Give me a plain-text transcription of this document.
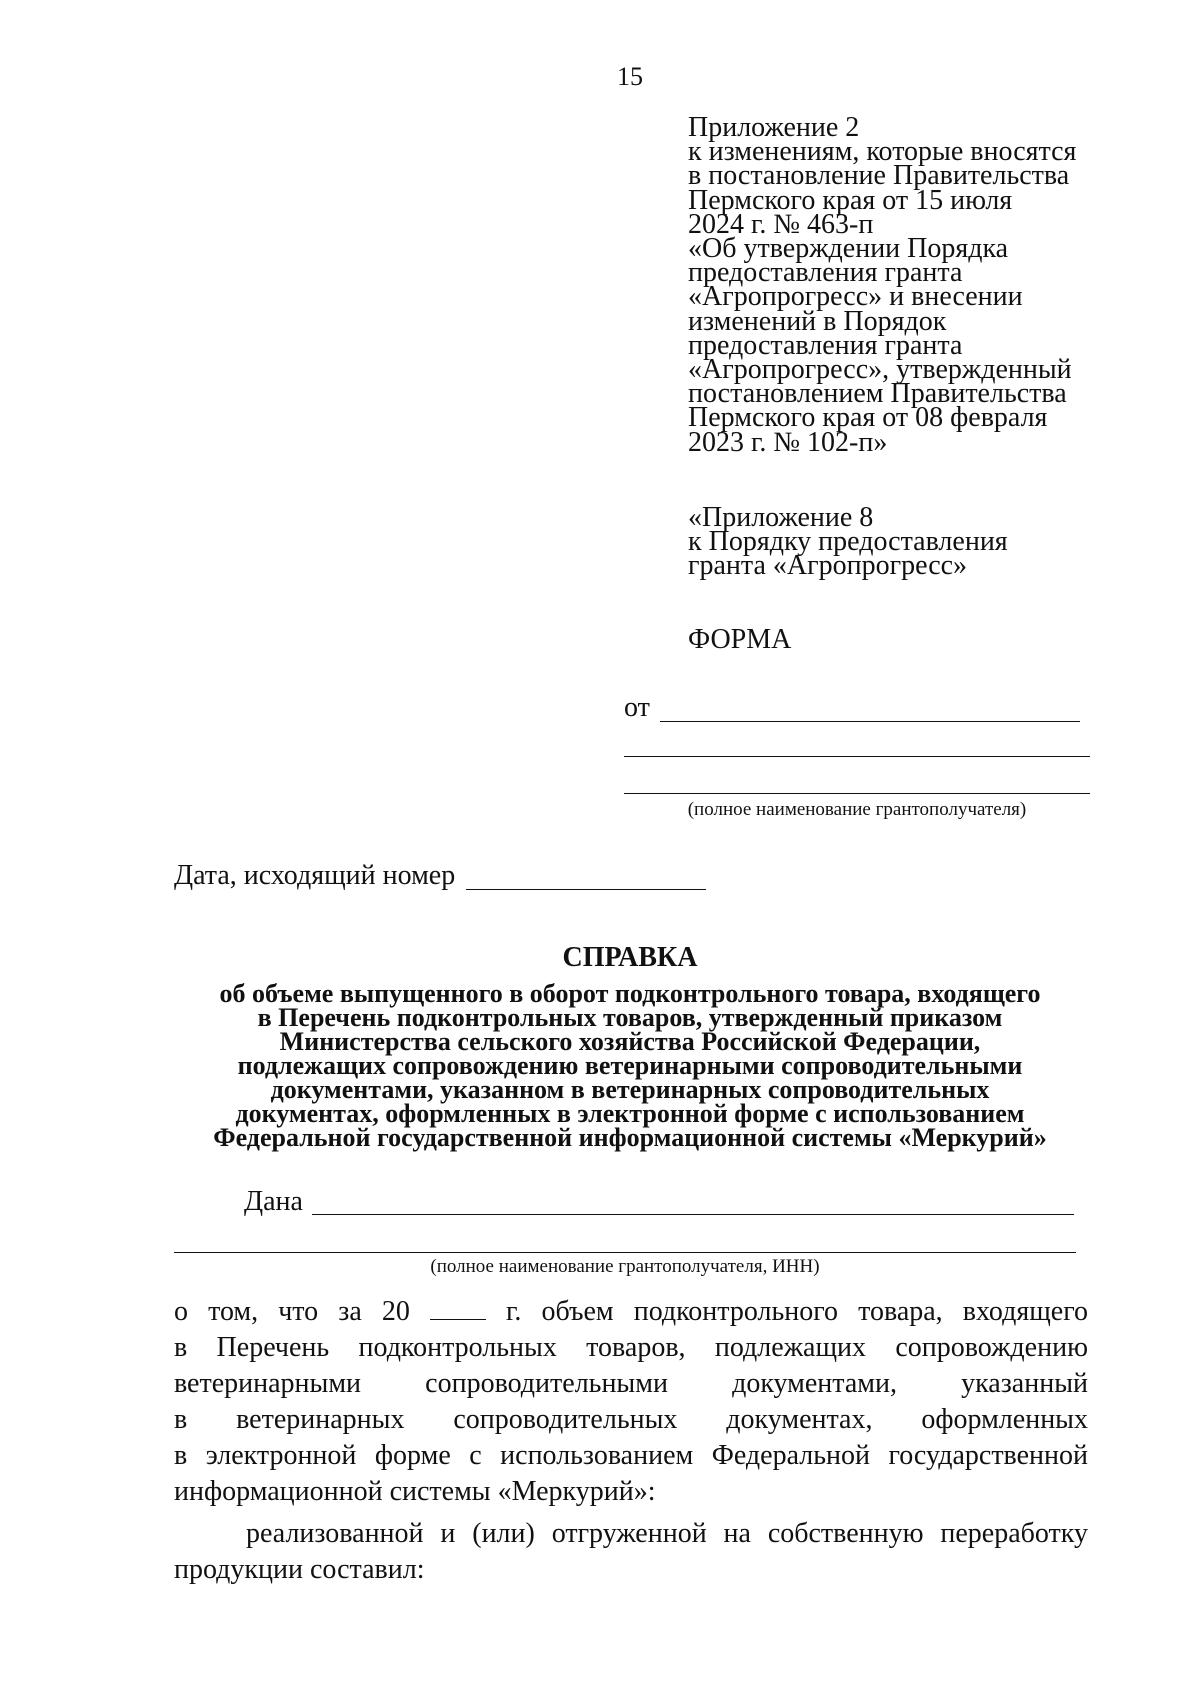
15
Приложение 2
к изменениям, которые вносятся
в постановление Правительства
Пермского края от 15 июля
2024 г. № 463-п
«Об утверждении Порядка
предоставления гранта
«Агропрогресс» и внесении
изменений в Порядок
предоставления гранта
«Агропрогресс», утвержденный
постановлением Правительства
Пермского края от 08 февраля
2023 г. № 102-п»
«Приложение 8
к Порядку предоставления
гранта «Агропрогресс»
ФОРМА
от
(полное наименование грантополучателя)
Дата, исходящий номер
СПРАВКА
об объеме выпущенного в оборот подконтрольного товара, входящего
в Перечень подконтрольных товаров, утвержденный приказом
Министерства сельского хозяйства Российской Федерации,
подлежащих сопровождению ветеринарными сопроводительными
документами, указанном в ветеринарных сопроводительных
документах, оформленных в электронной форме с использованием
Федеральной государственной информационной системы «Меркурий»
Дана
(полное наименование грантополучателя, ИНН)
о том, что за 20	г. объем подконтрольного товара, входящего
в Перечень подконтрольных товаров, подлежащих сопровождению
ветеринарными сопроводительными документами, указанный
в ветеринарных сопроводительных документах, оформленных
в электронной форме с использованием Федеральной государственной
информационной системы «Меркурий»:
реализованной и (или) отгруженной на собственную переработку
продукции составил:
